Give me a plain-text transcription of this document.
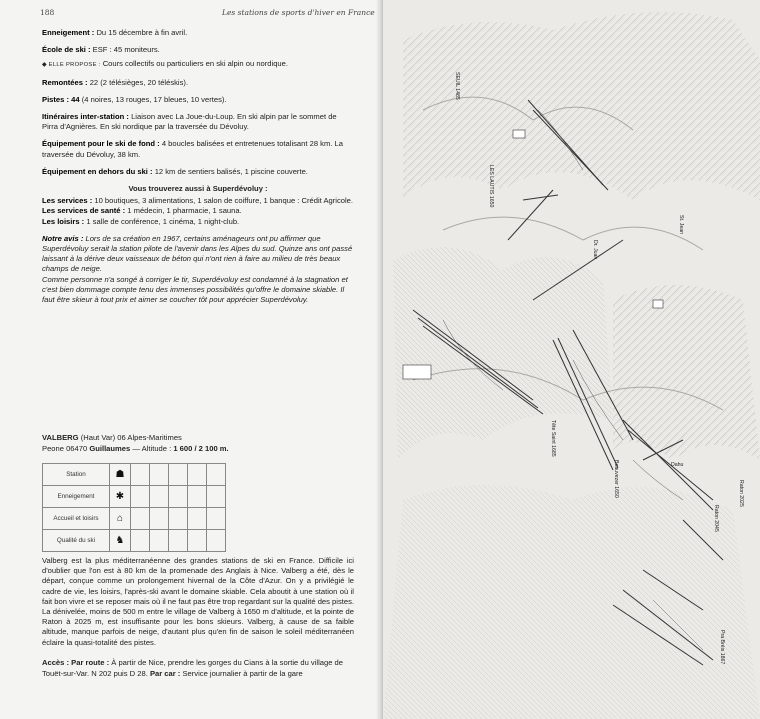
188	Les stations de sports d'hiver en France

Enneigement : Du 15 décembre à fin avril.

École de ski : ESF : 45 moniteurs.

◆ ELLE PROPOSE : Cours collectifs ou particuliers en ski alpin ou nordique.

Remontées : 22 (2 télésièges, 20 téléskis).

Pistes : 44 (4 noires, 13 rouges, 17 bleues, 10 vertes).

Itinéraires inter-station : Liaison avec La Joue-du-Loup. En ski alpin par le sommet de Pirra d'Agnières. En ski nordique par la traversée du Dévoluy.

Équipement pour le ski de fond : 4 boucles balisées et entretenues totalisant 28 km. La traversée du Dévoluy, 38 km.

Équipement en dehors du ski : 12 km de sentiers balisés, 1 piscine couverte.

Vous trouverez aussi à Superdévoluy :

Les services : 10 boutiques, 3 alimentations, 1 salon de coiffure, 1 banque : Crédit Agricole.

Les services de santé : 1 médecin, 1 pharmacie, 1 sauna.

Les loisirs : 1 salle de conférence, 1 cinéma, 1 night-club.

Notre avis : Lors de sa création en 1967, certains aménageurs ont pu affirmer que Superdévoluy serait la station pilote de l'avenir dans les Alpes du sud. Quinze ans ont passé laissant à la dérive deux vaisseaux de béton qui n'ont rien à faire au milieu de très beaux champs de neige.

Comme personne n'a songé à corriger le tir, Superdévoluy est condamné à la stagnation et c'est bien dommage compte tenu des immenses possibilités qu'offre le domaine skiable. Il faut être skieur à tout prix et aimer se coucher tôt pour apprécier Superdévoluy.

VALBERG (Haut Var) 06 Alpes-Maritimes
Peone 06470 Guillaumes — Altitude : 1 600 / 2 100 m.
Station	☗					
Enneigement	✱					
Accueil et loisirs	⌂					
Qualité du ski	♞					
Valberg est la plus méditerranéenne des grandes stations de ski en France. Difficile ici d'oublier que l'on est à 80 km de la promenade des Anglais à Nice. Valberg a été, dès le départ, conçue comme un prolongement hivernal de la Côte d'Azur. On y a privilégié le cadre de vie, les loisirs, l'après-ski avant le domaine skiable. Cela aboutit à une station où il fait bon vivre et se reposer mais où il ne faut pas être trop regardant sur la qualité des pistes. La dénivelée, moins de 500 m entre le village de Valberg à 1650 m d'altitude, et la pointe de Raton à 2025 m, est insuffisante pour les bons skieurs. Valberg, à cause de sa faible altitude, manque parfois de neige, d'autant plus qu'en fin de saison le soleil méditerranéen éclaire la quasi-totalité des pistes.
Accès : Par route : À partir de Nice, prendre les gorges du Cians à la sortie du village de Touët-sur-Var. N 202 puis D 28. Par car : Service journalier à partir de la gare
SEUIL 1485
LES LAUTIS 1650
Dr. Juan
St. Jean
Raton 2025
Tête Saint 1685
Beauvezer 1650	Dahu
Raton 2045
Pra Bréis 1867
